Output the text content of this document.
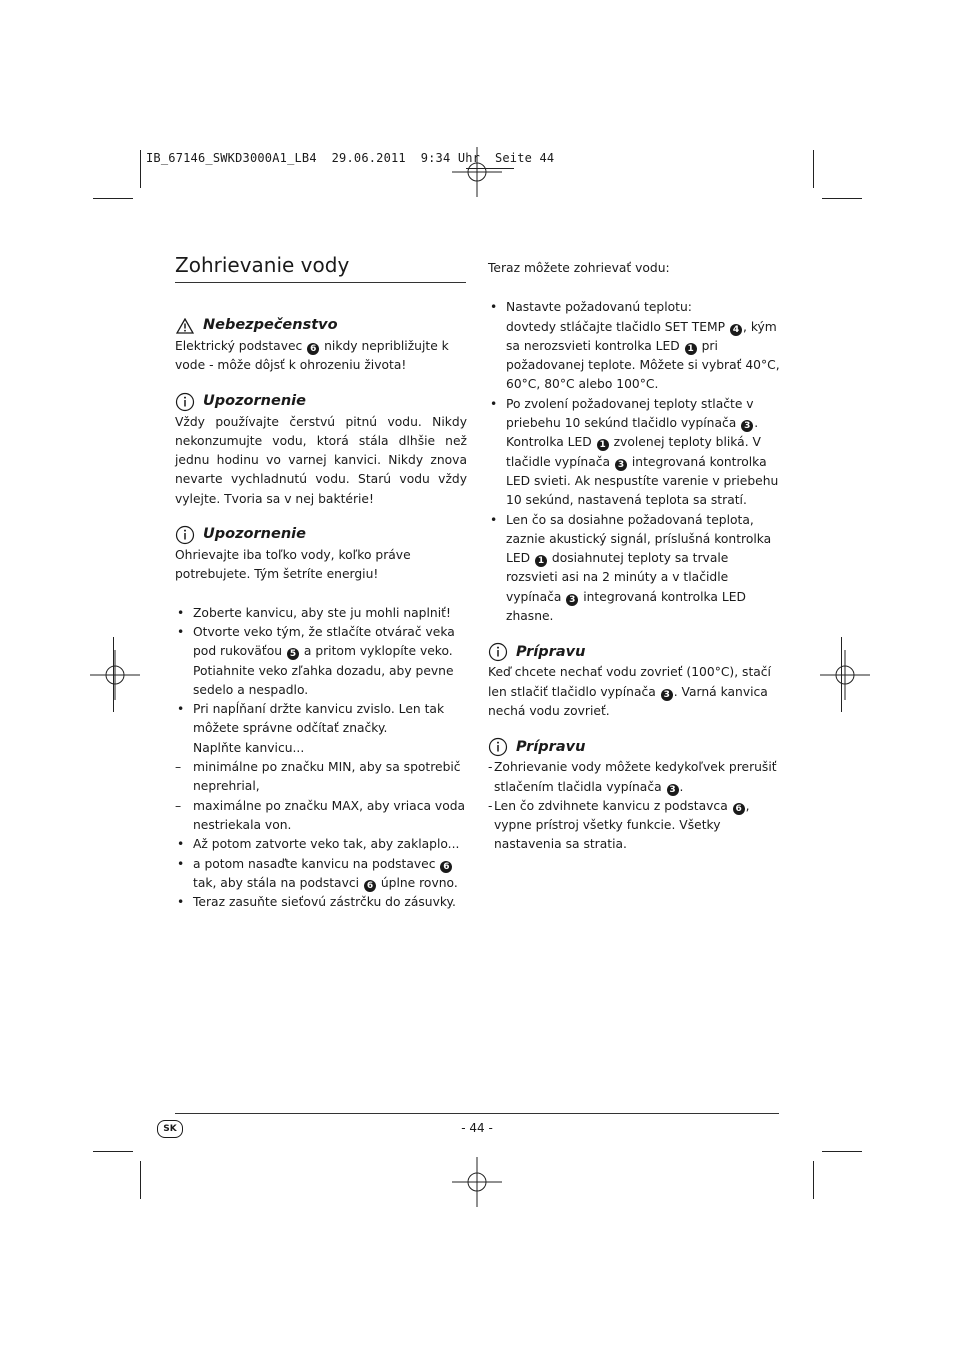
IB_67146_SWKD3000A1_LB4  29.06.2011  9:34 Uhr  Seite 44
Zohrievanie vody
Nebezpečenstvo

Elektrický podstavec 6 nikdy nepribližujte k vode - môže dôjsť k ohrozeniu života!

Upozornenie

Vždy používajte čerstvú pitnú vodu. Nikdy nekonzumujte vodu, ktorá stála dlhšie než jednu hodinu vo varnej kanvici. Nikdy znova nevarte vychladnutú vodu. Starú vodu vždy vylejte. Tvoria sa v nej baktérie!

Upozornenie

Ohrievajte iba toľko vody, koľko práve potrebujete. Tým šetríte energiu!

• Zoberte kanvicu, aby ste ju mohli naplniť!
• Otvorte veko tým, že stlačíte otvárač veka pod rukoväťou 5 a pritom vyklopíte veko. Potiahnite veko zľahka dozadu, aby pevne sedelo a nespadlo.
• Pri napĺňaní držte kanvicu zvislo. Len tak môžete správne odčítať značky.
Naplňte kanvicu...
– minimálne po značku MIN, aby sa spotrebič neprehrial,
– maximálne po značku MAX, aby vriaca voda nestriekala von.
• Až potom zatvorte veko tak, aby zaklaplo...
• a potom nasaďte kanvicu na podstavec 6 tak, aby stála na podstavci 6 úplne rovno.
• Teraz zasuňte sieťovú zástrčku do zásuvky.

Teraz môžete zohrievať vodu:

• Nastavte požadovanú teplotu:
dovtedy stláčajte tlačidlo SET TEMP 4 , kým sa nerozsvieti kontrolka LED 1 pri požadovanej teplote. Môžete si vybrať 40°C, 60°C, 80°C alebo 100°C.
• Po zvolení požadovanej teploty stlačte v priebehu 10 sekúnd tlačidlo vypínača 3 . Kontrolka LED 1 zvolenej teploty bliká. V tlačidle vypínača 3 integrovaná kontrolka LED svieti. Ak nespustíte varenie v priebehu 10 sekúnd, nastavená teplota sa stratí.
• Len čo sa dosiahne požadovaná teplota, zaznie akustický signál, príslušná kontrolka LED 1 dosiahnutej teploty sa trvale rozsvieti asi na 2 minúty a v tlačidle vypínača 3 integrovaná kontrolka LED zhasne.
Prípravu

Keď chcete nechať vodu zovrieť (100°C), stačí len stlačiť tlačidlo vypínača 3 . Varná kanvica nechá vodu zovrieť.

Prípravu
- Zohrievanie vody môžete kedykoľvek prerušiť stlačením tlačidla vypínača 3 .
- Len čo zdvihnete kanvicu z podstavca 6 , vypne prístroj všetky funkcie. Všetky nastavenia sa stratia.
SK	- 44 -
